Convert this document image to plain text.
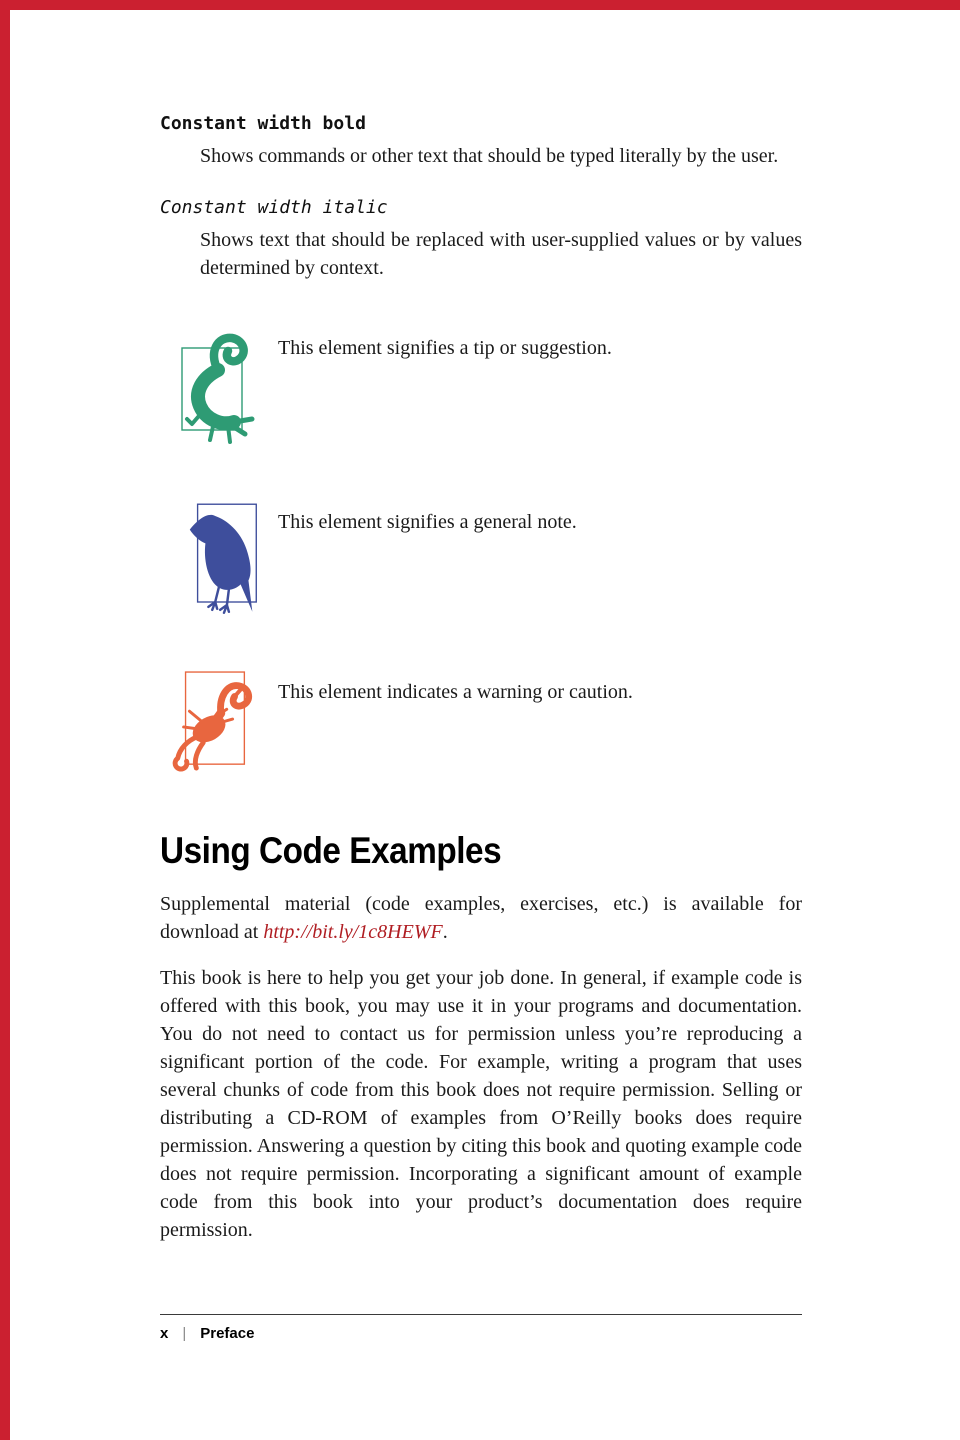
Constant width bold
Shows commands or other text that should be typed literally by the user.
Constant width italic
Shows text that should be replaced with user-supplied values or by values determined by context.
This element signifies a tip or suggestion.
This element signifies a general note.
This element indicates a warning or caution.
Using Code Examples

Supplemental material (code examples, exercises, etc.) is available for download at http://bit.ly/1c8HEWF.

This book is here to help you get your job done. In general, if example code is offered with this book, you may use it in your programs and documentation. You do not need to contact us for permission unless you’re reproducing a significant portion of the code. For example, writing a program that uses several chunks of code from this book does not require permission. Selling or distributing a CD-ROM of examples from O’Reilly books does require permission. Answering a question by citing this book and quoting example code does not require permission. Incorporating a significant amount of example code from this book into your product’s documentation does require permission.

x | Preface
